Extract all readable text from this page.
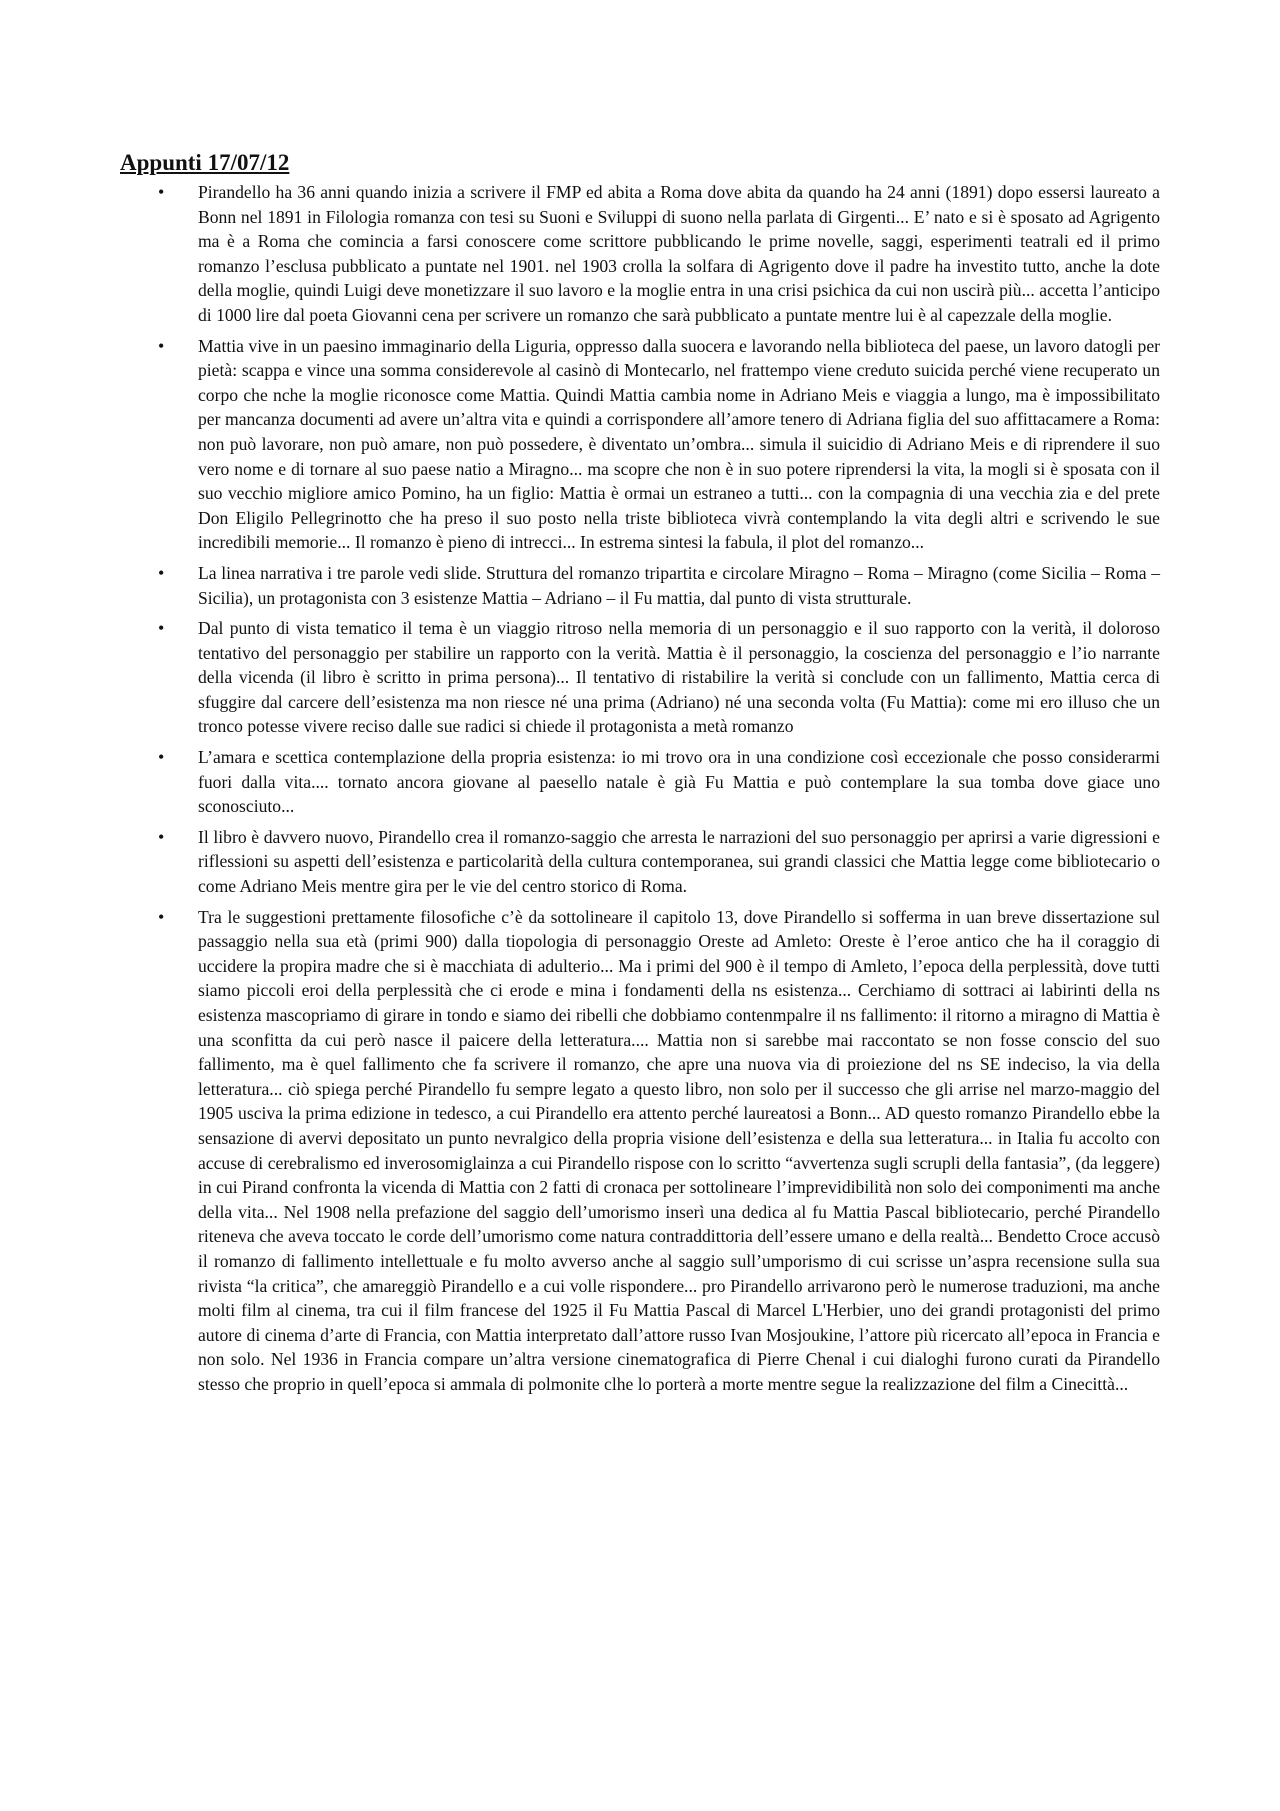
Appunti 17/07/12
• Pirandello ha 36 anni quando inizia a scrivere il FMP ed abita a Roma dove abita da quando ha 24 anni (1891) dopo essersi laureato a Bonn nel 1891 in Filologia romanza con tesi su Suoni e Sviluppi di suono nella parlata di Girgenti... E’ nato e si è sposato ad Agrigento ma è a Roma che comincia a farsi conoscere come scrittore pubblicando le prime novelle, saggi, esperimenti teatrali ed il primo romanzo l’esclusa pubblicato a puntate nel 1901. nel 1903 crolla la solfara di Agrigento dove il padre ha investito tutto, anche la dote della moglie, quindi Luigi deve monetizzare il suo lavoro e la moglie entra in una crisi psichica da cui non uscirà più... accetta l’anticipo di 1000 lire dal poeta Giovanni cena per scrivere un romanzo che sarà pubblicato a puntate mentre lui è al capezzale della moglie.
• Mattia vive in un paesino immaginario della Liguria, oppresso dalla suocera e lavorando nella biblioteca del paese, un lavoro datogli per pietà: scappa e vince una somma considerevole al casinò di Montecarlo, nel frattempo viene creduto suicida perché viene recuperato un corpo che nche la moglie riconosce come Mattia. Quindi Mattia cambia nome in Adriano Meis e viaggia a lungo, ma è impossibilitato per mancanza documenti ad avere un’altra vita e quindi a corrispondere all’amore tenero di Adriana figlia del suo affittacamere a Roma: non può lavorare, non può amare, non può possedere, è diventato un’ombra... simula il suicidio di Adriano Meis e di riprendere il suo vero nome e di tornare al suo paese natio a Miragno... ma scopre che non è in suo potere riprendersi la vita, la mogli si è sposata con il suo vecchio migliore amico Pomino, ha un figlio: Mattia è ormai un estraneo a tutti... con la compagnia di una vecchia zia e del prete Don Eligilo Pellegrinotto che ha preso il suo posto nella triste biblioteca vivrà contemplando la vita degli altri e scrivendo le sue incredibili memorie... Il romanzo è pieno di intrecci... In estrema sintesi la fabula, il plot del romanzo...
• La linea narrativa i tre parole vedi slide. Struttura del romanzo tripartita e circolare Miragno – Roma – Miragno (come Sicilia – Roma – Sicilia), un protagonista con 3 esistenze Mattia – Adriano – il Fu mattia, dal punto di vista strutturale.
• Dal punto di vista tematico il tema è un viaggio ritroso nella memoria di un personaggio e il suo rapporto con la verità, il doloroso tentativo del personaggio per stabilire un rapporto con la verità. Mattia è il personaggio, la coscienza del personaggio e l’io narrante della vicenda (il libro è scritto in prima persona)... Il tentativo di ristabilire la verità si conclude con un fallimento, Mattia cerca di sfuggire dal carcere dell’esistenza ma non riesce né una prima (Adriano) né una seconda volta (Fu Mattia): come mi ero illuso che un tronco potesse vivere reciso dalle sue radici si chiede il protagonista a metà romanzo
• L’amara e scettica contemplazione della propria esistenza: io mi trovo ora in una condizione così eccezionale che posso considerarmi fuori dalla vita.... tornato ancora giovane al paesello natale è già Fu Mattia e può contemplare la sua tomba dove giace uno sconosciuto...
• Il libro è davvero nuovo, Pirandello crea il romanzo-saggio che arresta le narrazioni del suo personaggio per aprirsi a varie digressioni e riflessioni su aspetti dell’esistenza e particolarità della cultura contemporanea, sui grandi classici che Mattia legge come bibliotecario o come Adriano Meis mentre gira per le vie del centro storico di Roma.
• Tra le suggestioni prettamente filosofiche c’è da sottolineare il capitolo 13, dove Pirandello si sofferma in uan breve dissertazione sul passaggio nella sua età (primi 900) dalla tiopologia di personaggio Oreste ad Amleto: Oreste è l’eroe antico che ha il coraggio di uccidere la propira madre che si è macchiata di adulterio... Ma i primi del 900 è il tempo di Amleto, l’epoca della perplessità, dove tutti siamo piccoli eroi della perplessità che ci erode e mina i fondamenti della ns esistenza... Cerchiamo di sottraci ai labirinti della ns esistenza mascopriamo di girare in tondo e siamo dei ribelli che dobbiamo contenmpalre il ns fallimento: il ritorno a miragno di Mattia è una sconfitta da cui però nasce il paicere della letteratura.... Mattia non si sarebbe mai raccontato se non fosse conscio del suo fallimento, ma è quel fallimento che fa scrivere il romanzo, che apre una nuova via di proiezione del ns SE indeciso, la via della letteratura... ciò spiega perché Pirandello fu sempre legato a questo libro, non solo per il successo che gli arrise nel marzo-maggio del 1905 usciva la prima edizione in tedesco, a cui Pirandello era attento perché laureatosi a Bonn... AD questo romanzo Pirandello ebbe la sensazione di avervi depositato un punto nevralgico della propria visione dell’esistenza e della sua letteratura... in Italia fu accolto con accuse di cerebralismo ed inverosomiglainza a cui Pirandello rispose con lo scritto “avvertenza sugli scrupli della fantasia”, (da leggere) in cui Pirand confronta la vicenda di Mattia con 2 fatti di cronaca per sottolineare l’imprevidibilità non solo dei componimenti ma anche della vita... Nel 1908 nella prefazione del saggio dell’umorismo inserì una dedica al fu Mattia Pascal bibliotecario, perché Pirandello riteneva che aveva toccato le corde dell’umorismo come natura contraddittoria dell’essere umano e della realtà... Bendetto Croce accusò il romanzo di fallimento intellettuale e fu molto avverso anche al saggio sull’umporismo di cui scrisse un’aspra recensione sulla sua rivista “la critica”, che amareggiò Pirandello e a cui volle rispondere... pro Pirandello arrivarono però le numerose traduzioni, ma anche molti film al cinema, tra cui il film francese del 1925 il Fu Mattia Pascal di Marcel L'Herbier, uno dei grandi protagonisti del primo autore di cinema d’arte di Francia, con Mattia interpretato dall’attore russo Ivan Mosjoukine, l’attore più ricercato all’epoca in Francia e non solo. Nel 1936 in Francia compare un’altra versione cinematografica di Pierre Chenal i cui dialoghi furono curati da Pirandello stesso che proprio in quell’epoca si ammala di polmonite clhe lo porterà a morte mentre segue la realizzazione del film a Cinecittà...
